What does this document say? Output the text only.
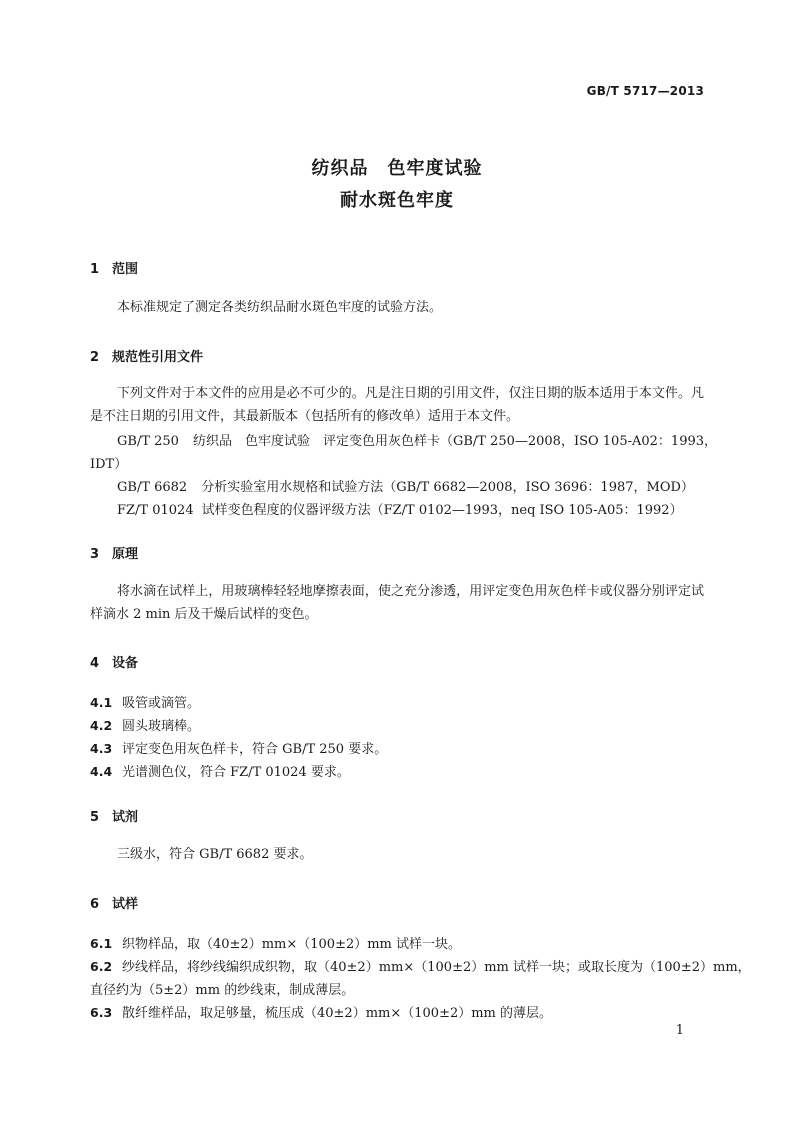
GB/T 5717—2013
纺织品　色牢度试验
耐水斑色牢度
1 范围
本标准规定了测定各类纺织品耐水斑色牢度的试验方法。
2 规范性引用文件
下列文件对于本文件的应用是必不可少的。凡是注日期的引用文件，仅注日期的版本适用于本文件。凡是不注日期的引用文件，其最新版本（包括所有的修改单）适用于本文件。
GB/T 250 纺织品　色牢度试验　评定变色用灰色样卡（GB/T 250—2008，ISO 105-A02：1993，
IDT）
GB/T 6682 分析实验室用水规格和试验方法（GB/T 6682—2008，ISO 3696：1987，MOD）
FZ/T 01024 试样变色程度的仪器评级方法（FZ/T 0102—1993，neq ISO 105-A05：1992）
3 原理
将水滴在试样上，用玻璃棒轻轻地摩擦表面，使之充分渗透，用评定变色用灰色样卡或仪器分别评定试样滴水 2 min 后及干燥后试样的变色。
4 设备
4.1 吸管或滴管。
4.2 圆头玻璃棒。
4.3 评定变色用灰色样卡，符合 GB/T 250 要求。
4.4 光谱测色仪，符合 FZ/T 01024 要求。
5 试剂
三级水，符合 GB/T 6682 要求。
6 试样
6.1 织物样品，取（40±2）mm×（100±2）mm 试样一块。
6.2 纱线样品，将纱线编织成织物，取（40±2）mm×（100±2）mm 试样一块；或取长度为（100±2）mm，
直径约为（5±2）mm 的纱线束，制成薄层。
6.3 散纤维样品，取足够量，梳压成（40±2）mm×（100±2）mm 的薄层。
1
